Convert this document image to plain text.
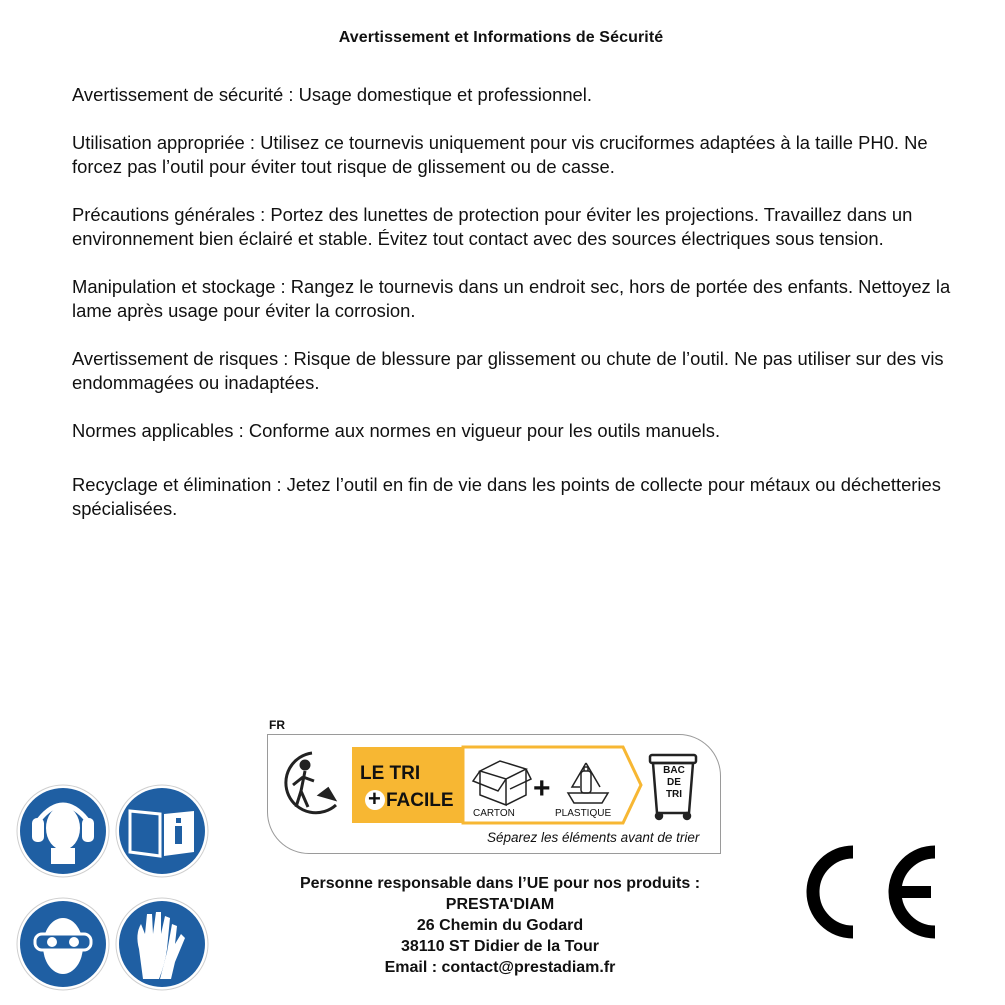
Avertissement et Informations de Sécurité

Avertissement de sécurité : Usage domestique et professionnel.

Utilisation appropriée : Utilisez ce tournevis uniquement pour vis cruciformes adaptées à la taille PH0. Ne forcez pas l’outil pour éviter tout risque de glissement ou de casse.

Précautions générales : Portez des lunettes de protection pour éviter les projections. Travaillez dans un environnement bien éclairé et stable. Évitez tout contact avec des sources électriques sous tension.

Manipulation et stockage : Rangez le tournevis dans un endroit sec, hors de portée des enfants. Nettoyez la lame après usage pour éviter la corrosion.

Avertissement de risques : Risque de blessure par glissement ou chute de l’outil. Ne pas utiliser sur des vis endommagées ou inadaptées.

Normes applicables : Conforme aux normes en vigueur pour les outils manuels.

Recyclage et élimination : Jetez l’outil en fin de vie dans les points de collecte pour métaux ou déchetteries spécialisées.

FR
LE TRI
FACILE
+	+
CARTON	PLASTIQUE
BAC
DE
TRI
Séparez les éléments avant de trier
Personne responsable dans l’UE pour nos produits :
PRESTA'DIAM
26 Chemin du Godard
38110 ST Didier de la Tour
Email : contact@prestadiam.fr
